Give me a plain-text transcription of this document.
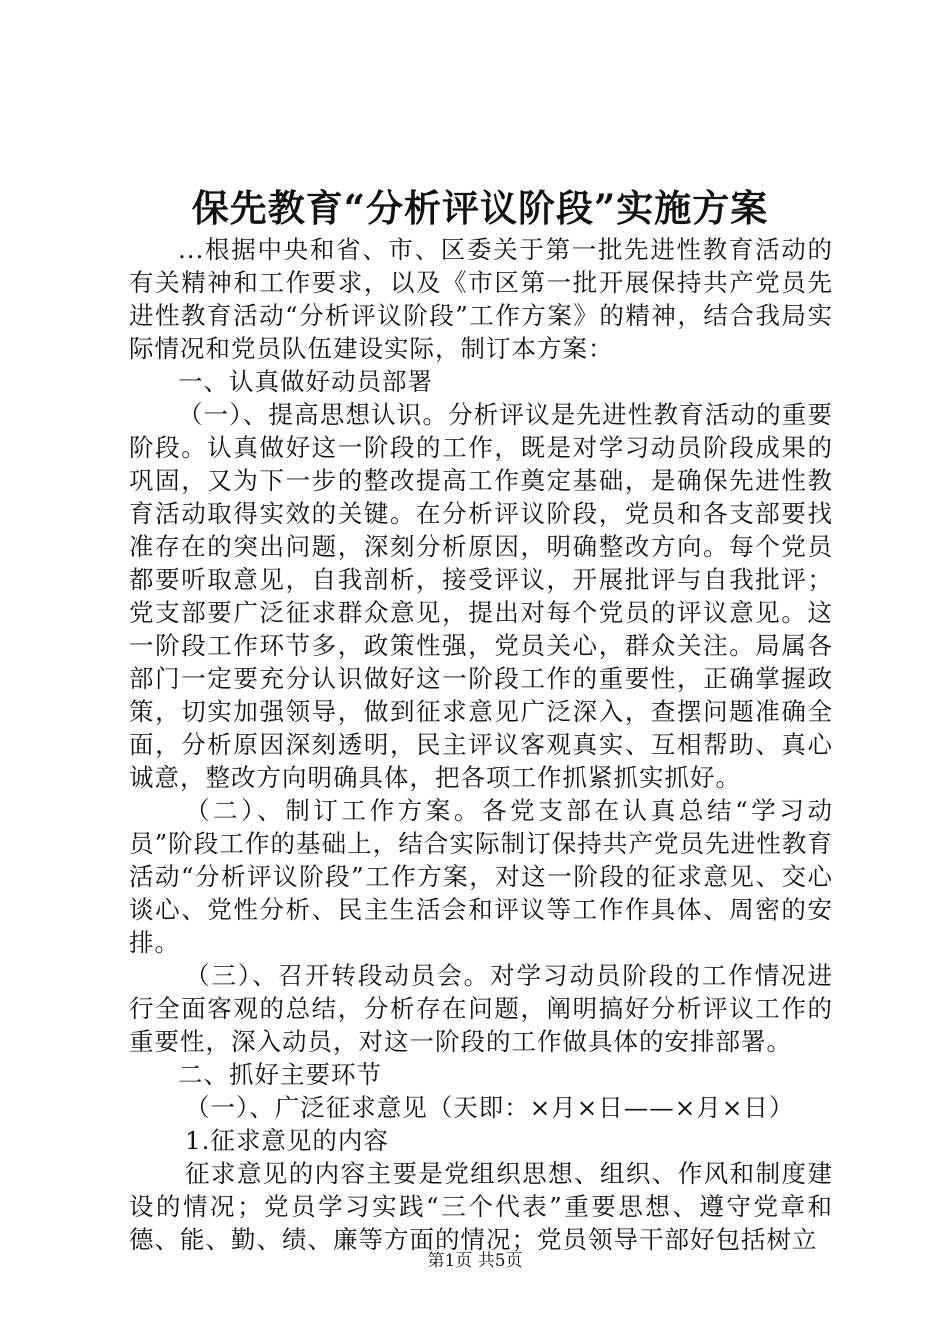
保先教育“分析评议阶段”实施方案

...根据中央和省、市、区委关于第一批先进性教育活动的有关精神和工作要求，以及《市区第一批开展保持共产党员先进性教育活动“分析评议阶段”工作方案》的精神，结合我局实际情况和党员队伍建设实际，制订本方案：

一、认真做好动员部署

（一）、提高思想认识。分析评议是先进性教育活动的重要阶段。认真做好这一阶段的工作，既是对学习动员阶段成果的巩固，又为下一步的整改提高工作奠定基础，是确保先进性教育活动取得实效的关键。在分析评议阶段，党员和各支部要找准存在的突出问题，深刻分析原因，明确整改方向。每个党员都要听取意见，自我剖析，接受评议，开展批评与自我批评；党支部要广泛征求群众意见，提出对每个党员的评议意见。这一阶段工作环节多，政策性强，党员关心，群众关注。局属各部门一定要充分认识做好这一阶段工作的重要性，正确掌握政策，切实加强领导，做到征求意见广泛深入，查摆问题准确全面，分析原因深刻透明，民主评议客观真实、互相帮助、真心诚意，整改方向明确具体，把各项工作抓紧抓实抓好。

（二）、制订工作方案。各党支部在认真总结“学习动员”阶段工作的基础上，结合实际制订保持共产党员先进性教育活动“分析评议阶段”工作方案，对这一阶段的征求意见、交心谈心、党性分析、民主生活会和评议等工作作具体、周密的安排。

（三）、召开转段动员会。对学习动员阶段的工作情况进行全面客观的总结，分析存在问题，阐明搞好分析评议工作的重要性，深入动员，对这一阶段的工作做具体的安排部署。

二、抓好主要环节

（一）、广泛征求意见（天即：×月×日——×月×日）

1.征求意见的内容

征求意见的内容主要是党组织思想、组织、作风和制度建设的情况；党员学习实践“三个代表”重要思想、遵守党章和德、能、勤、绩、廉等方面的情况；党员领导干部好包括树立

第1页 共5页
